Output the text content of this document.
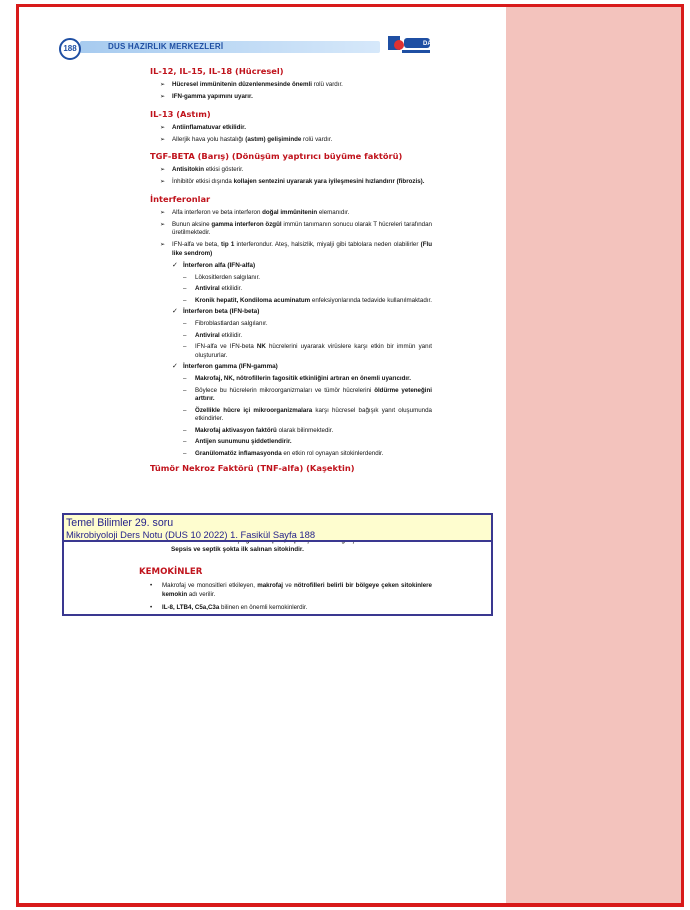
188	DUS HAZIRLIK MERKEZLERİ	DATA
IL-12, IL-15, IL-18 (Hücresel)
➢ Hücresel immünitenin düzenlenmesinde önemli rolü vardır.
➢ IFN-gamma yapımını uyarır.
IL-13 (Astım)
➢ Antiinflamatuvar etkilidir.
➢ Allerjik hava yolu hastalığı (astım) gelişiminde rolü vardır.
TGF-BETA (Barış) (Dönüşüm yaptırıcı büyüme faktörü)
➢ Antisitokin etkisi gösterir.
➢ İnhibitör etkisi dışında kollajen sentezini uyararak yara iyileşmesini hızlandırır (fibrozis).
İnterferonlar
➢ Alfa interferon ve beta interferon doğal immünitenin elemanıdır.
➢ Bunun aksine gamma interferon özgül immün tanımanın sonucu olarak T hücreleri tarafından üretilmektedir.
➢ IFN-alfa ve beta, tip 1 interferondur. Ateş, halsizlik, miyalji gibi tablolara neden olabilirler (Flu like sendrom)
✓ İnterferon alfa (IFN-alfa)
– Lökositlerden salgılanır.
– Antiviral etkilidir.
– Kronik hepatit, Kondiloma acuminatum enfeksiyonlarında tedavide kullanılmaktadır.
✓ İnterferon beta (IFN-beta)
– Fibroblastlardan salgılanır.
– Antiviral etkilidir.
– IFN-alfa ve IFN-beta NK hücrelerini uyararak virüslere karşı etkin bir immün yanıt oluştururlar.
✓ İnterferon gamma (IFN-gamma)
– Makrofaj, NK, nötrofillerin fagositik etkinliğini artıran en önemli uyarıcıdır.
– Böylece bu hücrelerin mikroorganizmaları ve tümör hücrelerini öldürme yeteneğini arttırır.
– Özellikle hücre içi mikroorganizmalara karşı hücresel bağışık yanıt oluşumunda etkindirler.
– Makrofaj aktivasyon faktörü olarak bilinmektedir.
– Antijen sunumunu şiddetlendirir.
– Granülomatöz inflamasyonda en etkin rol oynayan sitokinlerdendir.
Tümör Nekroz Faktörü (TNF-alfa) (Kaşektin)
Sepsis ve septik şokta ilk salınan sitokindir.
KEMOKİNLER
• Makrofaj ve monositleri etkileyen, makrofaj ve nötrofilleri belirli bir bölgeye çeken sitokinlere kemokin adı verilir.
• IL-8, LTB4, C5a,C3a bilinen en önemli kemokinlerdir.
Temel Bilimler 29. soru
Mikrobiyoloji Ders Notu (DUS 10 2022) 1. Fasikül Sayfa 188
